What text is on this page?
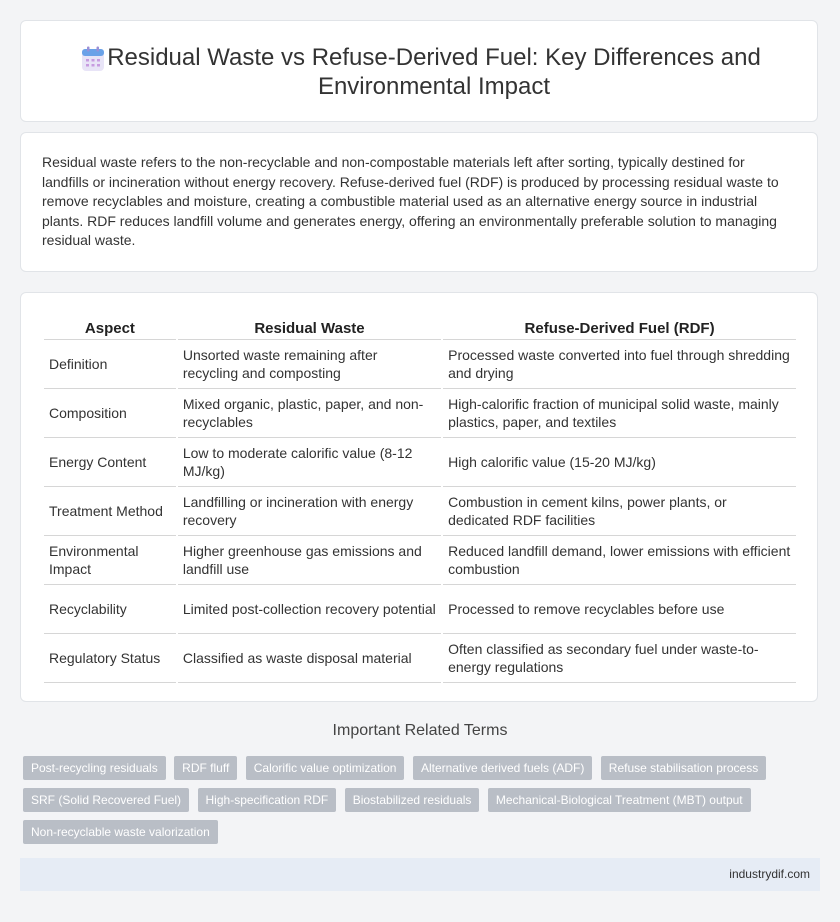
Residual Waste vs Refuse-Derived Fuel: Key Differences and Environmental Impact
Residual waste refers to the non-recyclable and non-compostable materials left after sorting, typically destined for landfills or incineration without energy recovery. Refuse-derived fuel (RDF) is produced by processing residual waste to remove recyclables and moisture, creating a combustible material used as an alternative energy source in industrial plants. RDF reduces landfill volume and generates energy, offering an environmentally preferable solution to managing residual waste.
Aspect	Residual Waste	Refuse-Derived Fuel (RDF)
Definition	Unsorted waste remaining after recycling and composting	Processed waste converted into fuel through shredding and drying
Composition	Mixed organic, plastic, paper, and non-recyclables	High-calorific fraction of municipal solid waste, mainly plastics, paper, and textiles
Energy Content	Low to moderate calorific value (8-12 MJ/kg)	High calorific value (15-20 MJ/kg)
Treatment Method	Landfilling or incineration with energy recovery	Combustion in cement kilns, power plants, or dedicated RDF facilities
Environmental Impact	Higher greenhouse gas emissions and landfill use	Reduced landfill demand, lower emissions with efficient combustion
Recyclability	Limited post-collection recovery potential	Processed to remove recyclables before use
Regulatory Status	Classified as waste disposal material	Often classified as secondary fuel under waste-to-energy regulations
Important Related Terms
Post-recycling residuals RDF fluff Calorific value optimization Alternative derived fuels (ADF) Refuse stabilisation process SRF (Solid Recovered Fuel) High-specification RDF Biostabilized residuals Mechanical-Biological Treatment (MBT) output Non-recyclable waste valorization
industrydif.com
